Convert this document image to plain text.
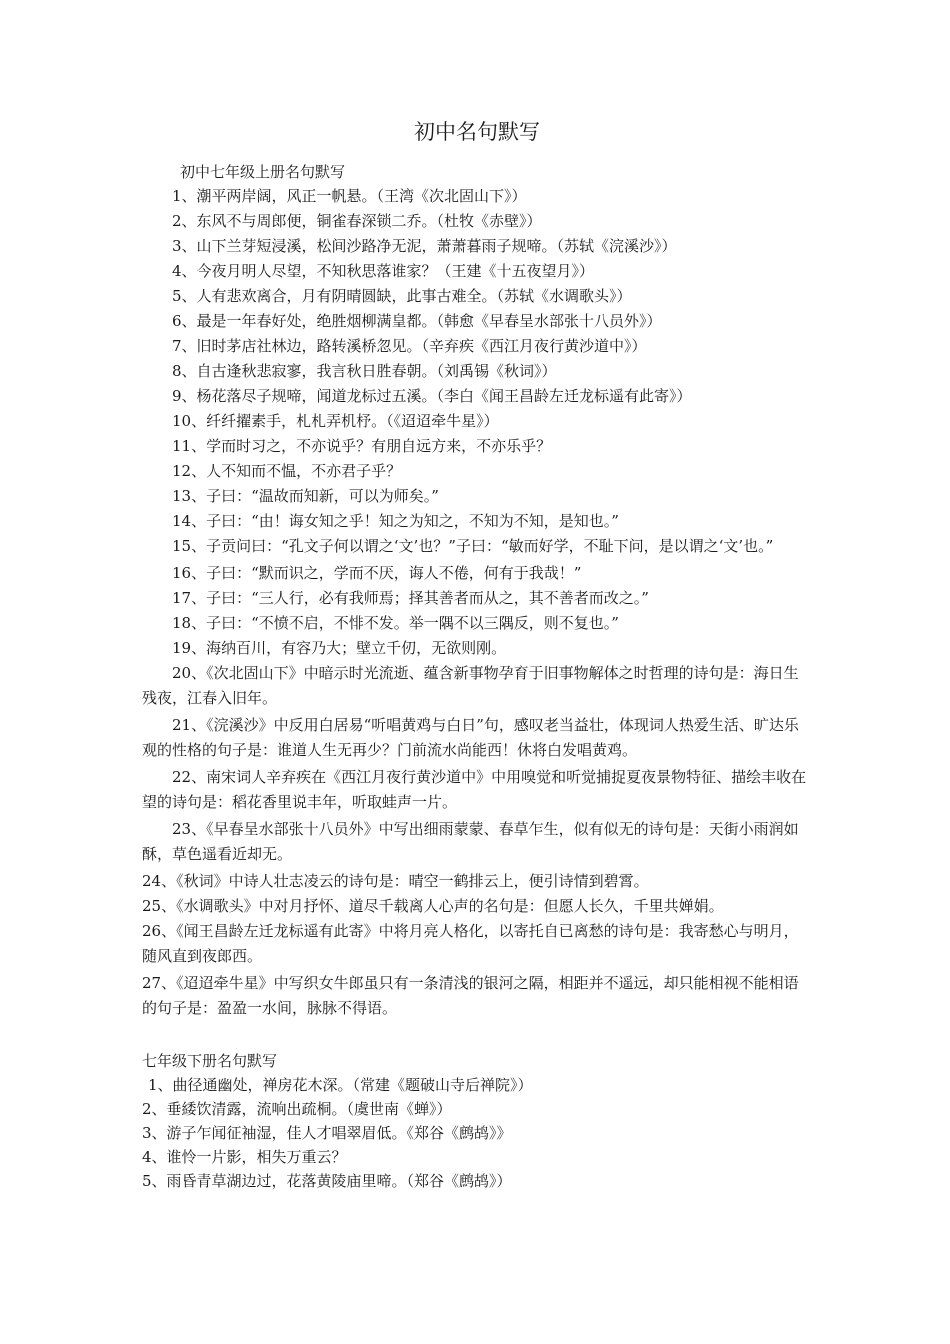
初中名句默写
初中七年级上册名句默写

1、潮平两岸阔，风正一帆悬。（王湾《次北固山下》）

2、东风不与周郎便，铜雀春深锁二乔。（杜牧《赤壁》）

3、山下兰芽短浸溪，松间沙路净无泥，萧萧暮雨子规啼。（苏轼《浣溪沙》）

4、今夜月明人尽望，不知秋思落谁家？（王建《十五夜望月》）

5、人有悲欢离合，月有阴晴圆缺，此事古难全。（苏轼《水调歌头》）

6、最是一年春好处，绝胜烟柳满皇都。（韩愈《早春呈水部张十八员外》）

7、旧时茅店社林边，路转溪桥忽见。（辛弃疾《西江月夜行黄沙道中》）

8、自古逢秋悲寂寥，我言秋日胜春朝。（刘禹锡《秋词》）

9、杨花落尽子规啼，闻道龙标过五溪。（李白《闻王昌龄左迁龙标遥有此寄》）

10、纤纤擢素手，札札弄机杼。（《迢迢牵牛星》）

11、学而时习之，不亦说乎？有朋自远方来，不亦乐乎？

12、人不知而不愠，不亦君子乎？

13、子曰：“温故而知新，可以为师矣。”

14、子曰：“由！诲女知之乎！知之为知之，不知为不知，是知也。”

15、子贡问曰：“孔文子何以谓之‘文’也？”子曰：“敏而好学，不耻下问，是以谓之‘文’也。”

16、子曰：“默而识之，学而不厌，诲人不倦，何有于我哉！”

17、子曰：“三人行，必有我师焉；择其善者而从之，其不善者而改之。”

18、子曰：“不愤不启，不悱不发。举一隅不以三隅反，则不复也。”

19、海纳百川，有容乃大；壁立千仞，无欲则刚。

20、《次北固山下》中暗示时光流逝、蕴含新事物孕育于旧事物解体之时哲理的诗句是：海日生残夜，江春入旧年。

21、《浣溪沙》中反用白居易“听唱黄鸡与白日”句，感叹老当益壮，体现词人热爱生活、旷达乐观的性格的句子是：谁道人生无再少？门前流水尚能西！休将白发唱黄鸡。

22、南宋词人辛弃疾在《西江月夜行黄沙道中》中用嗅觉和听觉捕捉夏夜景物特征、描绘丰收在望的诗句是：稻花香里说丰年，听取蛙声一片。

23、《早春呈水部张十八员外》中写出细雨蒙蒙、春草乍生，似有似无的诗句是：天街小雨润如酥，草色遥看近却无。

24、《秋词》中诗人壮志凌云的诗句是：晴空一鹤排云上，便引诗情到碧霄。

25、《水调歌头》中对月抒怀、道尽千载离人心声的名句是：但愿人长久，千里共婵娟。

26、《闻王昌龄左迁龙标遥有此寄》中将月亮人格化，以寄托自已离愁的诗句是：我寄愁心与明月，随风直到夜郎西。

27、《迢迢牵牛星》中写织女牛郎虽只有一条清浅的银河之隔，相距并不遥远，却只能相视不能相语的句子是：盈盈一水间，脉脉不得语。

七年级下册名句默写

1、曲径通幽处，禅房花木深。（常建《题破山寺后禅院》）

2、垂緌饮清露，流响出疏桐。（虞世南《蝉》）

3、游子乍闻征袖湿，佳人才唱翠眉低。《郑谷《鹧鸪》》

4、谁怜一片影，相失万重云？

5、雨昏青草湖边过，花落黄陵庙里啼。（郑谷《鹧鸪》）
